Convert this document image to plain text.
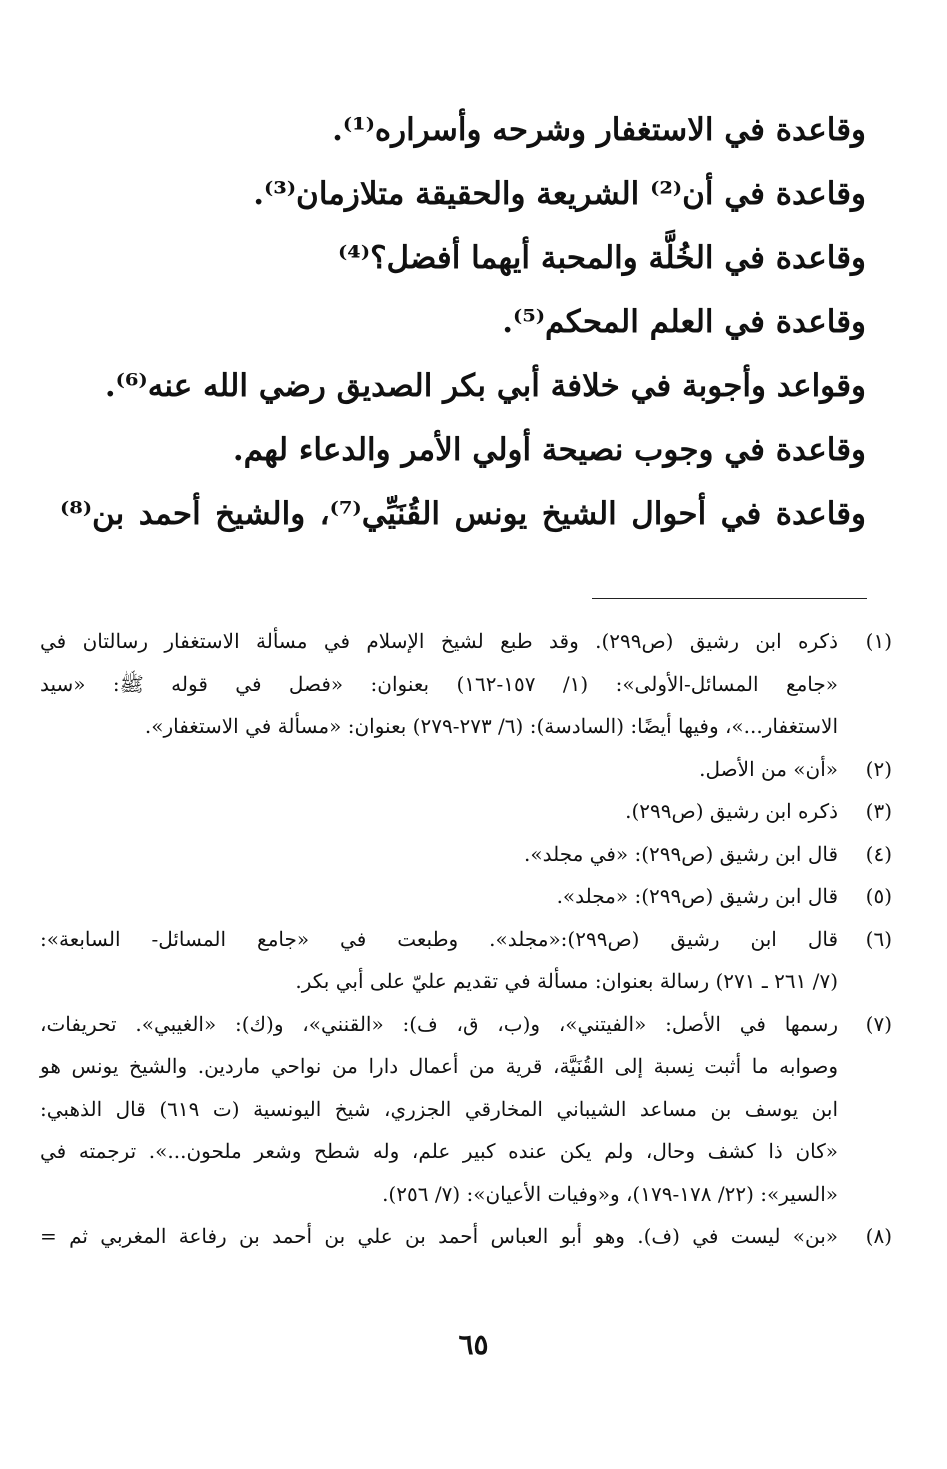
وقاعدة في الاستغفار وشرحه وأسراره⁽¹⁾.
وقاعدة في أن⁽²⁾ الشريعة والحقيقة متلازمان⁽³⁾.
وقاعدة في الخُلَّة والمحبة أيهما أفضل؟⁽⁴⁾
وقاعدة في العلم المحكم⁽⁵⁾.
وقواعد وأجوبة في خلافة أبي بكر الصديق رضي الله عنه⁽⁶⁾.
وقاعدة في وجوب نصيحة أولي الأمر والدعاء لهم.
وقاعدة في أحوال الشيخ يونس القُنَيِّي⁽⁷⁾، والشيخ أحمد بن⁽⁸⁾
(١)
ذكره ابن رشيق (ص٢٩٩). وقد طبع لشيخ الإسلام في مسألة الاستغفار رسالتان في
«جامع المسائل-الأولى»: (١/ ١٥٧-١٦٢) بعنوان: «فصل في قوله ﷺ: «سيد
الاستغفار...»، وفيها أيضًا: (السادسة): (٦/ ٢٧٣-٢٧٩) بعنوان: «مسألة في الاستغفار».
(٢)
«أن» من الأصل.
(٣)
ذكره ابن رشيق (ص٢٩٩).
(٤)
قال ابن رشيق (ص٢٩٩): «في مجلد».
(٥)
قال ابن رشيق (ص٢٩٩): «مجلد».
(٦)
قال ابن رشيق (ص٢٩٩):«مجلد». وطبعت في «جامع المسائل- السابعة»:
(٧/ ٢٦١ ـ ٢٧١) رسالة بعنوان: مسألة في تقديم عليّ على أبي بكر.
(٧)
رسمها في الأصل: «الفيتني»، و(ب، ق، ف): «القنني»، و(ك): «الغيبي». تحريفات،
وصوابه ما أثبت نِسبة إلى القُنَيَّة، قرية من أعمال دارا من نواحي ماردين. والشيخ يونس هو
ابن يوسف بن مساعد الشيباني المخارقي الجزري، شيخ اليونسية (ت ٦١٩) قال الذهبي:
«كان ذا كشف وحال، ولم يكن عنده كبير علم، وله شطح وشعر ملحون...». ترجمته في
«السير»: (٢٢/ ١٧٨-١٧٩)، و«وفيات الأعيان»: (٧/ ٢٥٦).
(٨)
«بن» ليست في (ف). وهو أبو العباس أحمد بن علي بن أحمد بن رفاعة المغربي ثم =
٦٥
